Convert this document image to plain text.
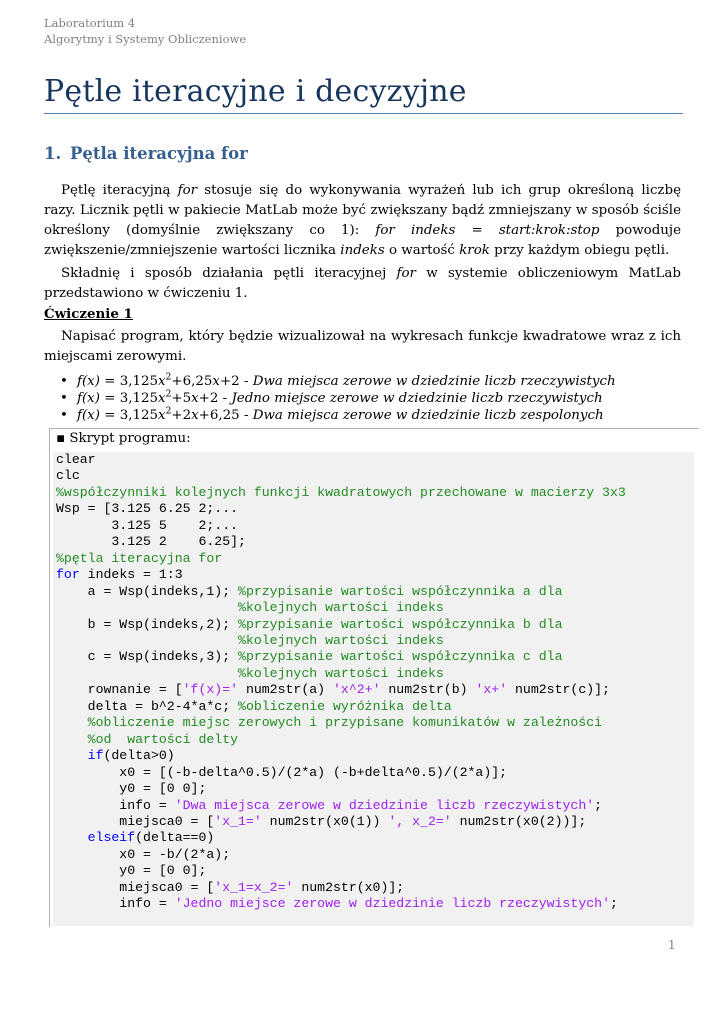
Laboratorium 4
Algorytmy i Systemy Obliczeniowe
Pętle iteracyjne i decyzyjne
1. Pętla iteracyjna for

Pętlę iteracyjną for stosuje się do wykonywania wyrażeń lub ich grup określoną liczbę razy. Licznik pętli w pakiecie MatLab może być zwiększany bądź zmniejszany w sposób ściśle określony (domyślnie zwiększany co 1): for indeks = start:krok:stop powoduje zwiększenie/zmniejszenie wartości licznika indeks o wartość krok przy każdym obiegu pętli.

Składnię i sposób działania pętli iteracyjnej for w systemie obliczeniowym MatLab przedstawiono w ćwiczeniu 1.

Ćwiczenie 1

Napisać program, który będzie wizualizował na wykresach funkcje kwadratowe wraz z ich miejscami zerowymi.

• $f(x) = 3,125x^2+6,25x+2$ - Dwa miejsca zerowe w dziedzinie liczb rzeczywistych
• $f(x) = 3,125x^2+5x+2$ - Jedno miejsce zerowe w dziedzinie liczb rzeczywistych
• $f(x) = 3,125x^2+2x+6,25$ - Dwa miejsca zerowe w dziedzinie liczb zespolonych
▪ Skrypt programu:
clear
clc
%współczynniki kolejnych funkcji kwadratowych przechowane w macierzy 3x3
Wsp = [3.125 6.25 2;...
3.125 5    2;...
3.125 2    6.25];
%pętla iteracyjna for
for indeks = 1:3
a = Wsp(indeks,1); %przypisanie wartości współczynnika a dla
%kolejnych wartości indeks
b = Wsp(indeks,2); %przypisanie wartości współczynnika b dla
%kolejnych wartości indeks
c = Wsp(indeks,3); %przypisanie wartości współczynnika c dla
%kolejnych wartości indeks
rownanie = ['f(x)=' num2str(a) 'x^2+' num2str(b) 'x+' num2str(c)];
delta = b^2-4*a*c; %obliczenie wyróżnika delta
%obliczenie miejsc zerowych i przypisane komunikatów w zależności
%od  wartości delty
if(delta>0)
x0 = [(-b-delta^0.5)/(2*a) (-b+delta^0.5)/(2*a)];
y0 = [0 0];
info = 'Dwa miejsca zerowe w dziedzinie liczb rzeczywistych';
miejsca0 = ['x_1=' num2str(x0(1)) ', x_2=' num2str(x0(2))];
elseif(delta==0)
x0 = -b/(2*a);
y0 = [0 0];
miejsca0 = ['x_1=x_2=' num2str(x0)];
info = 'Jedno miejsce zerowe w dziedzinie liczb rzeczywistych';
1
